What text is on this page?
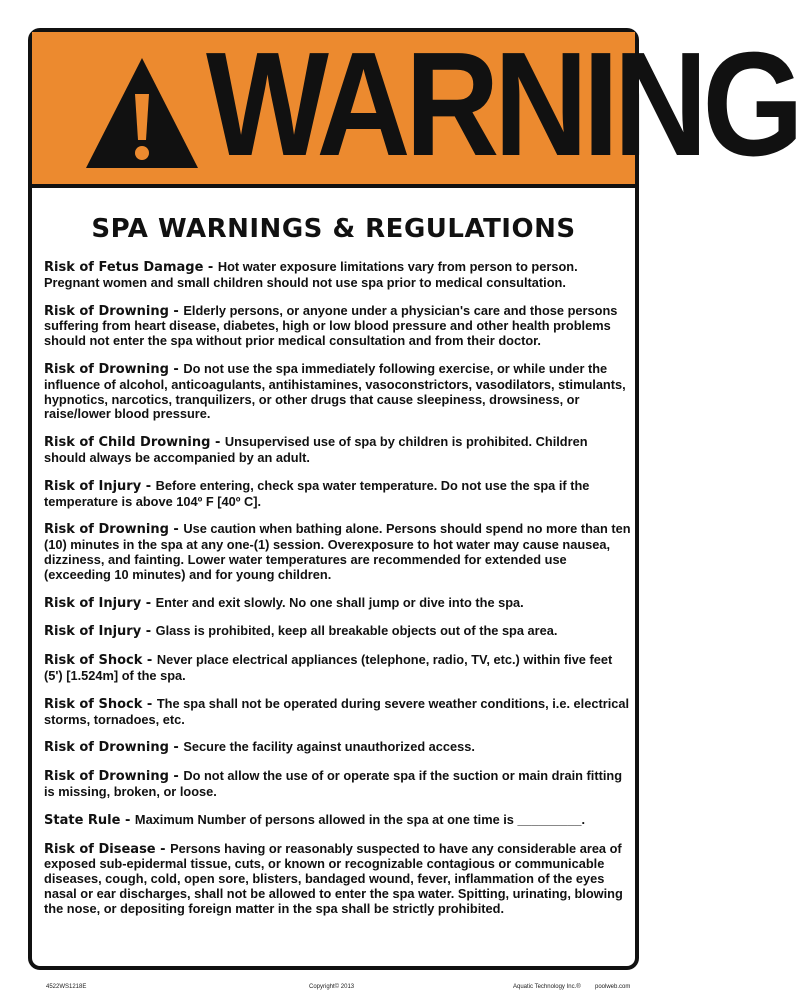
WARNING
SPA WARNINGS & REGULATIONS

Risk of Fetus Damage - Hot water exposure limitations vary from person to person. Pregnant women and small children should not use spa prior to medical consultation.

Risk of Drowning - Elderly persons, or anyone under a physician's care and those persons suffering from heart disease, diabetes, high or low blood pressure and other health problems should not enter the spa without prior medical consultation and from their doctor.

Risk of Drowning - Do not use the spa immediately following exercise, or while under the influence of alcohol, anticoagulants, antihistamines, vasoconstrictors, vasodilators, stimulants, hypnotics, narcotics, tranquilizers, or other drugs that cause sleepiness, drowsiness, or raise/lower blood pressure.

Risk of Child Drowning - Unsupervised use of spa by children is prohibited. Children should always be accompanied by an adult.

Risk of Injury - Before entering, check spa water temperature. Do not use the spa if the temperature is above 104º F [40º C].

Risk of Drowning - Use caution when bathing alone. Persons should spend no more than ten (10) minutes in the spa at any one-(1) session. Overexposure to hot water may cause nausea, dizziness, and fainting. Lower water temperatures are recommended for extended use (exceeding 10 minutes) and for young children.

Risk of Injury - Enter and exit slowly. No one shall jump or dive into the spa.

Risk of Injury - Glass is prohibited, keep all breakable objects out of the spa area.

Risk of Shock - Never place electrical appliances (telephone, radio, TV, etc.) within five feet (5') [1.524m] of the spa.

Risk of Shock - The spa shall not be operated during severe weather conditions, i.e. electrical storms, tornadoes, etc.

Risk of Drowning - Secure the facility against unauthorized access.

Risk of Drowning - Do not allow the use of or operate spa if the suction or main drain fitting is missing, broken, or loose.

State Rule - Maximum Number of persons allowed in the spa at one time is _________.

Risk of Disease - Persons having or reasonably suspected to have any considerable area of exposed sub-epidermal tissue, cuts, or known or recognizable contagious or communicable diseases, cough, cold, open sore, blisters, bandaged wound, fever, inflammation of the eyes nasal or ear discharges, shall not be allowed to enter the spa water. Spitting, urinating, blowing the nose, or depositing foreign matter in the spa shall be strictly prohibited.

4522WS1218E	Copyright© 2013	Aquatic Technology Inc.® poolweb.com
